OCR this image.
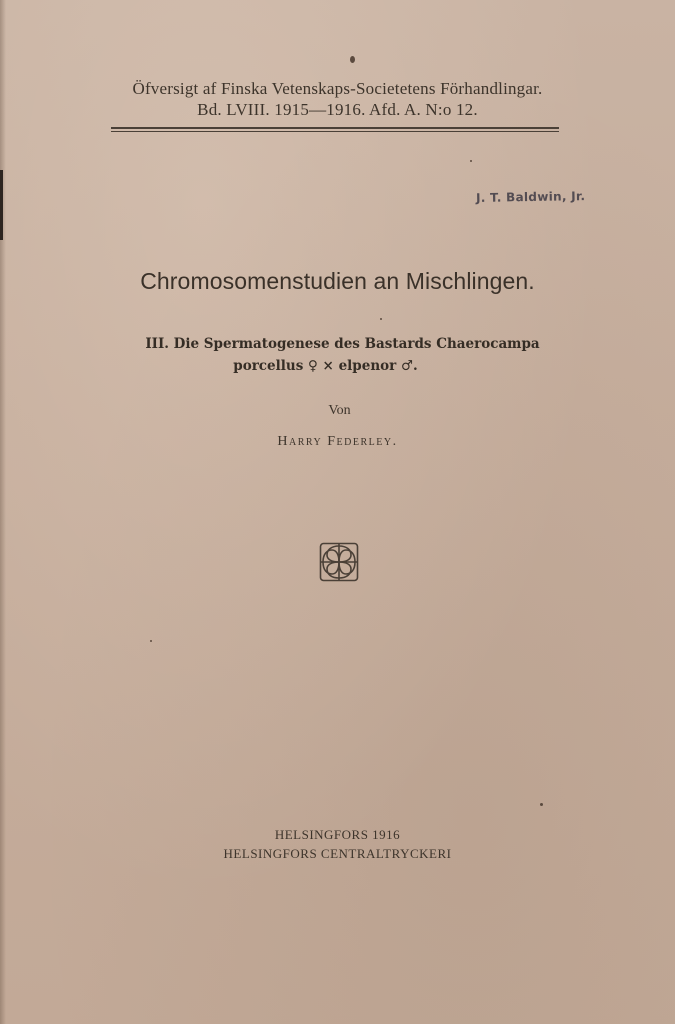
Öfversigt af Finska Vetenskaps-Societetens Förhandlingar.
Bd. LVIII. 1915—1916. Afd. A. N:o 12.
J. T. Baldwin, Jr.
Chromosomenstudien an Mischlingen.
III. Die Spermatogenese des Bastards Chaerocampa
porcellus ♀ × elpenor ♂.
Von
Harry Federley.
HELSINGFORS 1916
HELSINGFORS CENTRALTRYCKERI
